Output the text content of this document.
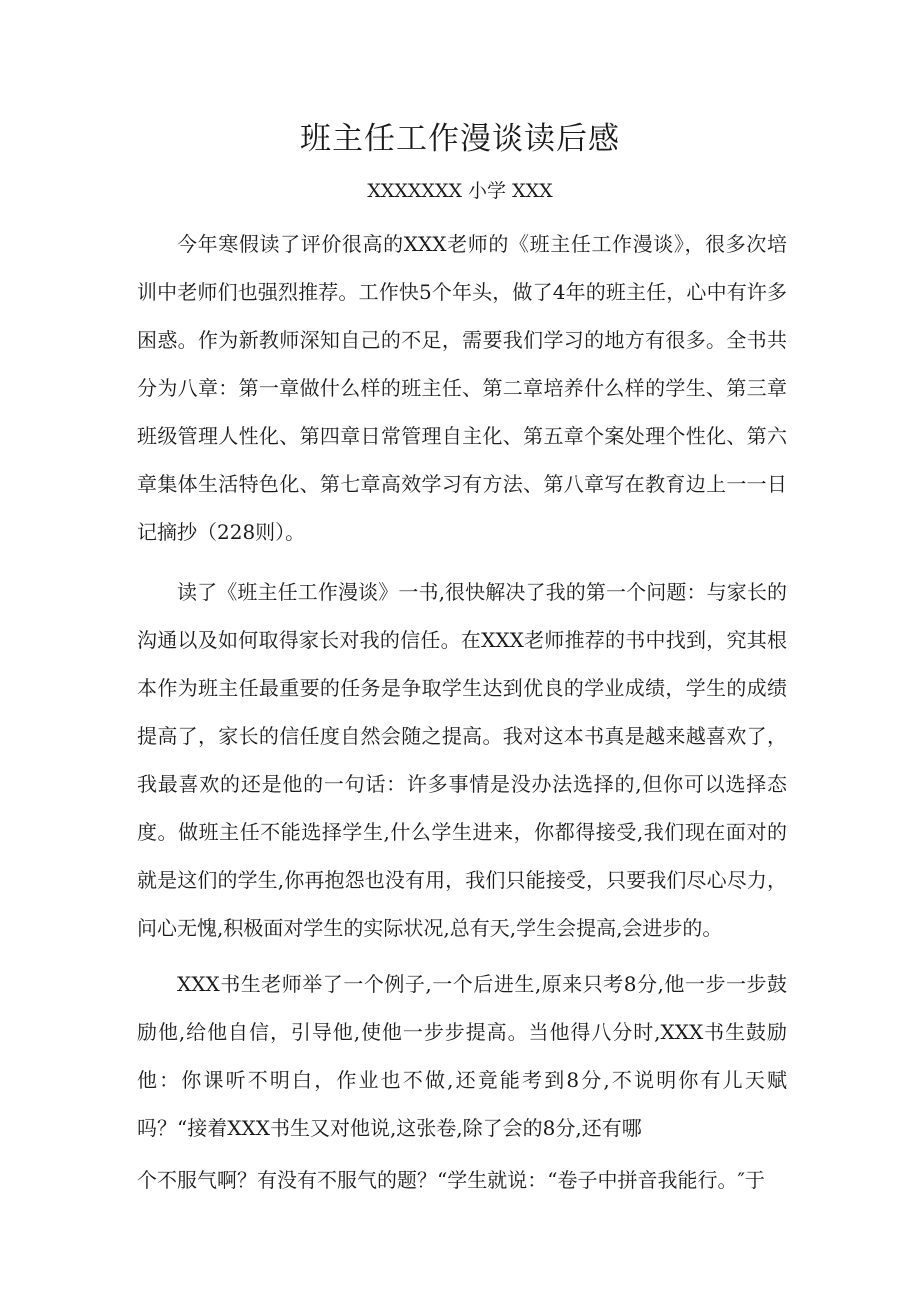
班主任工作漫谈读后感
XXXXXXX 小学 XXX

今年寒假读了评价很高的XXX老师的《班主任工作漫谈》，很多次培训中老师们也强烈推荐。工作快5个年头，做了4年的班主任，心中有许多困惑。作为新教师深知自己的不足，需要我们学习的地方有很多。全书共分为八章：第一章做什么样的班主任、第二章培养什么样的学生、第三章班级管理人性化、第四章日常管理自主化、第五章个案处理个性化、第六章集体生活特色化、第七章高效学习有方法、第八章写在教育边上一一日记摘抄（228则）。

读了《班主任工作漫谈》一书,很快解决了我的第一个问题：与家长的沟通以及如何取得家长对我的信任。在XXX老师推荐的书中找到，究其根本作为班主任最重要的任务是争取学生达到优良的学业成绩，学生的成绩提高了，家长的信任度自然会随之提高。我对这本书真是越来越喜欢了，我最喜欢的还是他的一句话：许多事情是没办法选择的,但你可以选择态度。做班主任不能选择学生,什么学生进来，你都得接受,我们现在面对的就是这们的学生,你再抱怨也没有用，我们只能接受，只要我们尽心尽力，问心无愧,积极面对学生的实际状况,总有天,学生会提高,会进步的。

XXX书生老师举了一个例子,一个后进生,原来只考8分,他一步一步鼓励他,给他自信，引导他,使他一步步提高。当他得八分时,XXX书生鼓励他：你课听不明白，作业也不做,还竟能考到8分,不说明你有儿天赋吗？“接着XXX书生又对他说,这张卷,除了会的8分,还有哪

个不服气啊？有没有不服气的题？“学生就说：“卷子中拼音我能行。″于
